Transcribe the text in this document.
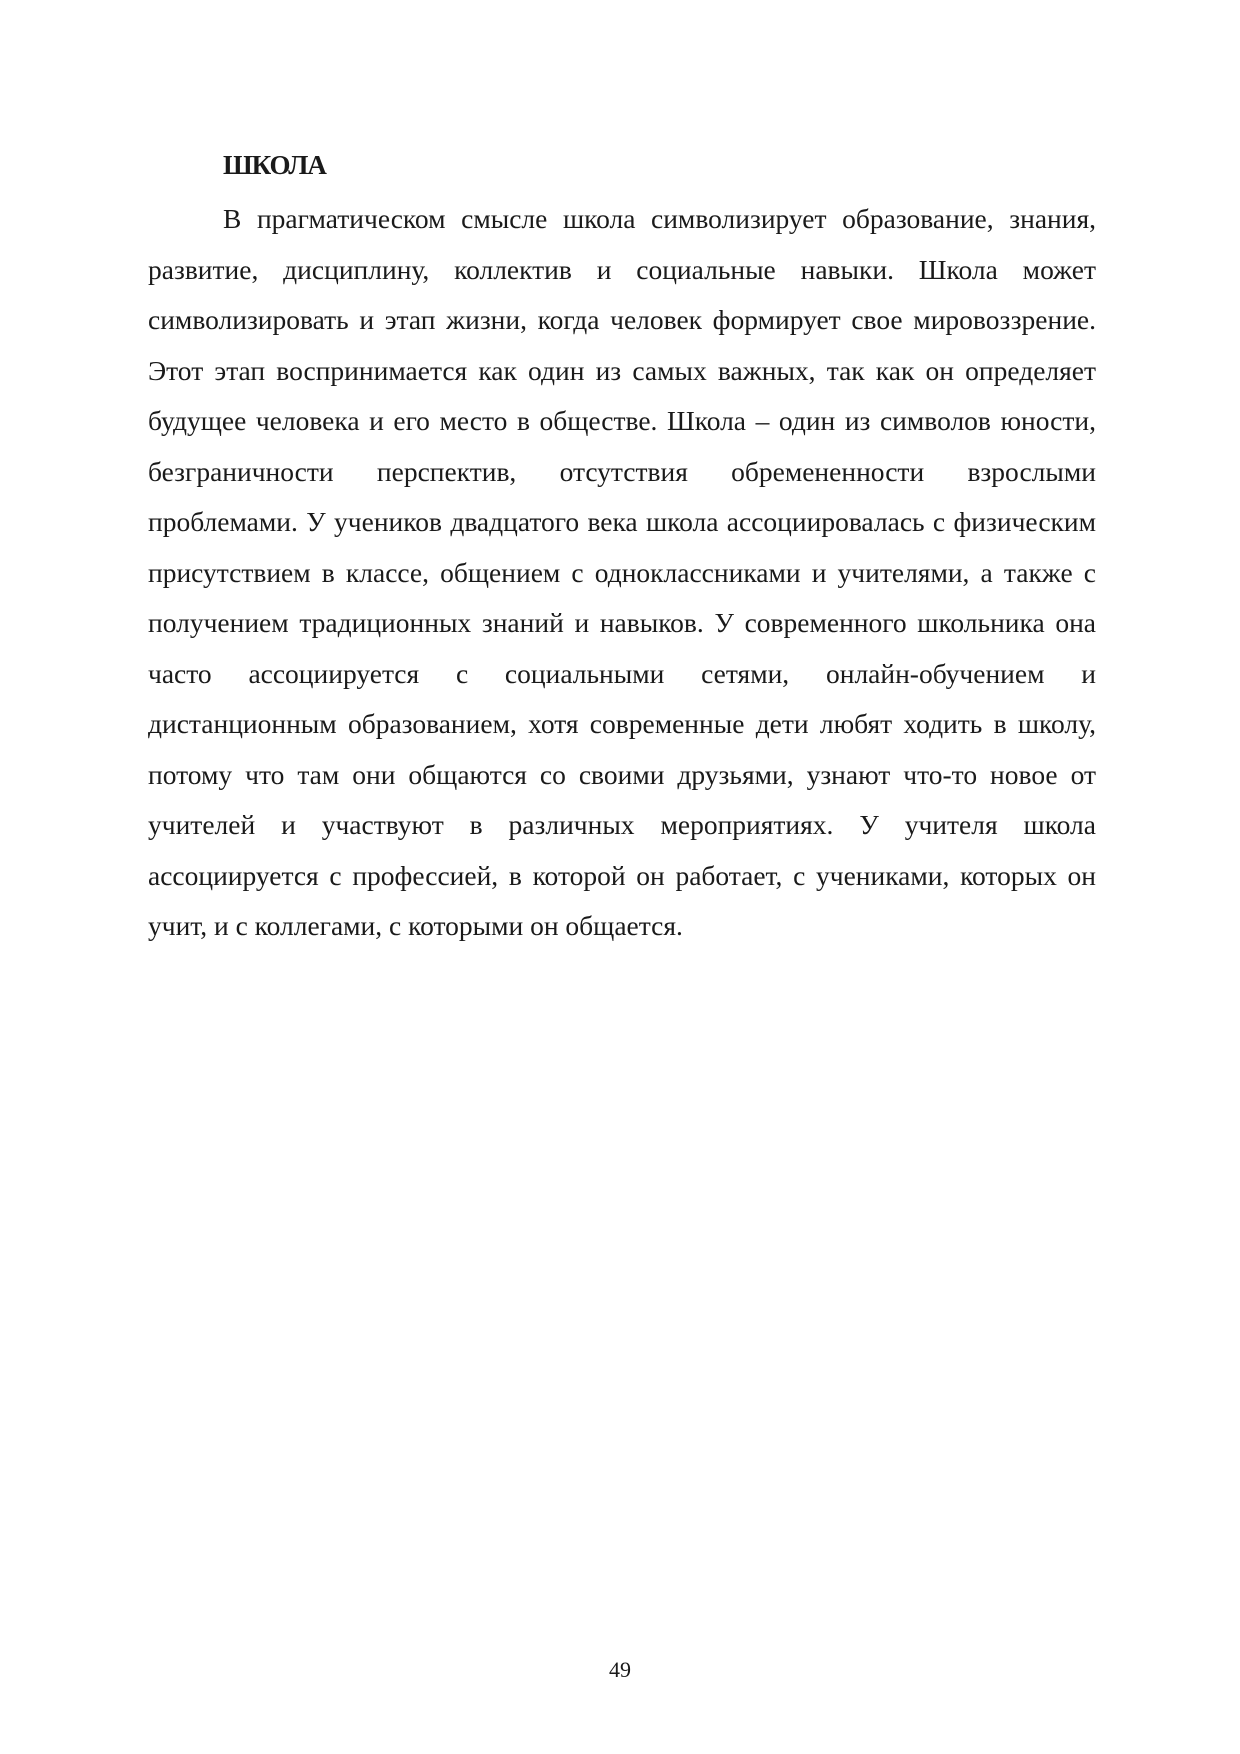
ШКОЛА

В прагматическом смысле школа символизирует образование, знания, развитие, дисциплину, коллектив и социальные навыки. Школа может символизировать и этап жизни, когда человек формирует свое мировоззрение. Этот этап воспринимается как один из самых важных, так как он определяет будущее человека и его место в обществе. Школа – один из символов юности, безграничности перспектив, отсутствия обремененности взрослыми проблемами. У учеников двадцатого века школа ассоциировалась с физическим присутствием в классе, общением с одноклассниками и учителями, а также с получением традиционных знаний и навыков. У современного школьника она часто ассоциируется с социальными сетями, онлайн-обучением и дистанционным образованием, хотя современные дети любят ходить в школу, потому что там они общаются со своими друзьями, узнают что-то новое от учителей и участвуют в различных мероприятиях. У учителя школа ассоциируется с профессией, в которой он работает, с учениками, которых он учит, и с коллегами, с которыми он общается.

49
